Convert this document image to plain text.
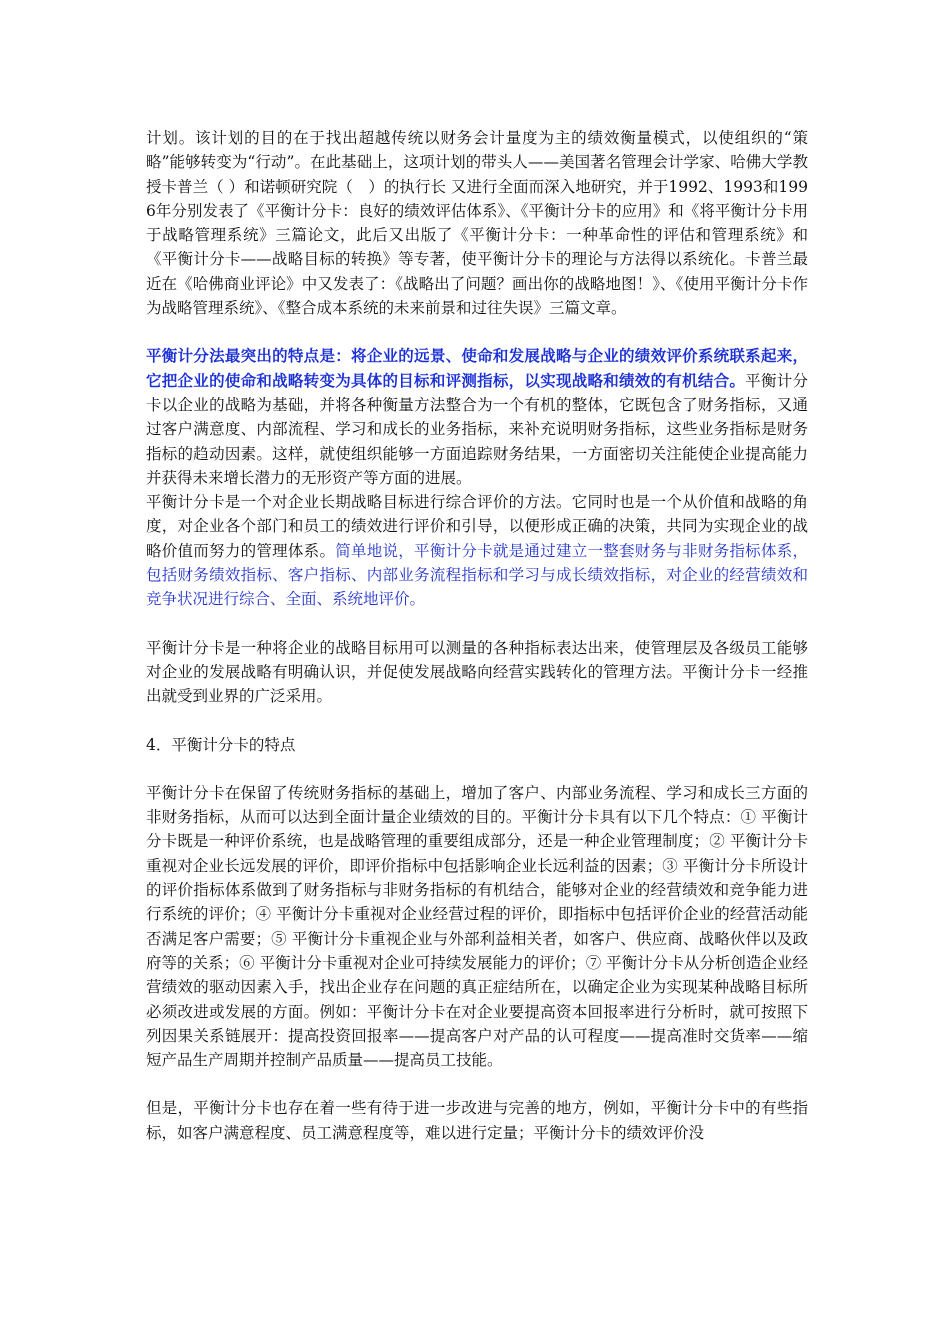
计划。该计划的目的在于找出超越传统以财务会计量度为主的绩效衡量模式，以使组织的“策略”能够转变为“行动”。在此基础上，这项计划的带头人——美国著名管理会计学家、哈佛大学教授卡普兰（ ）和诺顿研究院（　）的执行长 又进行全面而深入地研究，并于1992、1993和1996年分别发表了《平衡计分卡：良好的绩效评估体系》、《平衡计分卡的应用》和《将平衡计分卡用于战略管理系统》三篇论文，此后又出版了《平衡计分卡：一种革命性的评估和管理系统》和《平衡计分卡——战略目标的转换》等专著，使平衡计分卡的理论与方法得以系统化。卡普兰最近在《哈佛商业评论》中又发表了：《战略出了问题？画出你的战略地图！》、《使用平衡计分卡作为战略管理系统》、《整合成本系统的未来前景和过往失误》三篇文章。

平衡计分法最突出的特点是：将企业的远景、使命和发展战略与企业的绩效评价系统联系起来，它把企业的使命和战略转变为具体的目标和评测指标，以实现战略和绩效的有机结合。平衡计分卡以企业的战略为基础，并将各种衡量方法整合为一个有机的整体，它既包含了财务指标，又通过客户满意度、内部流程、学习和成长的业务指标，来补充说明财务指标，这些业务指标是财务指标的趋动因素。这样，就使组织能够一方面追踪财务结果，一方面密切关注能使企业提高能力并获得未来增长潜力的无形资产等方面的进展。

平衡计分卡是一个对企业长期战略目标进行综合评价的方法。它同时也是一个从价值和战略的角度，对企业各个部门和员工的绩效进行评价和引导，以便形成正确的决策，共同为实现企业的战略价值而努力的管理体系。简单地说，平衡计分卡就是通过建立一整套财务与非财务指标体系，包括财务绩效指标、客户指标、内部业务流程指标和学习与成长绩效指标，对企业的经营绩效和竞争状况进行综合、全面、系统地评价。

平衡计分卡是一种将企业的战略目标用可以测量的各种指标表达出来，使管理层及各级员工能够对企业的发展战略有明确认识，并促使发展战略向经营实践转化的管理方法。平衡计分卡一经推出就受到业界的广泛采用。

4．平衡计分卡的特点

平衡计分卡在保留了传统财务指标的基础上，增加了客户、内部业务流程、学习和成长三方面的非财务指标，从而可以达到全面计量企业绩效的目的。平衡计分卡具有以下几个特点：① 平衡计分卡既是一种评价系统，也是战略管理的重要组成部分，还是一种企业管理制度；② 平衡计分卡重视对企业长远发展的评价，即评价指标中包括影响企业长远利益的因素；③ 平衡计分卡所设计的评价指标体系做到了财务指标与非财务指标的有机结合，能够对企业的经营绩效和竞争能力进行系统的评价；④ 平衡计分卡重视对企业经营过程的评价，即指标中包括评价企业的经营活动能否满足客户需要；⑤ 平衡计分卡重视企业与外部利益相关者，如客户、供应商、战略伙伴以及政府等的关系；⑥ 平衡计分卡重视对企业可持续发展能力的评价；⑦ 平衡计分卡从分析创造企业经营绩效的驱动因素入手，找出企业存在问题的真正症结所在，以确定企业为实现某种战略目标所必须改进或发展的方面。例如：平衡计分卡在对企业要提高资本回报率进行分析时，就可按照下列因果关系链展开：提高投资回报率——提高客户对产品的认可程度——提高准时交货率——缩短产品生产周期并控制产品质量——提高员工技能。

但是，平衡计分卡也存在着一些有待于进一步改进与完善的地方，例如，平衡计分卡中的有些指标，如客户满意程度、员工满意程度等，难以进行定量；平衡计分卡的绩效评价没
